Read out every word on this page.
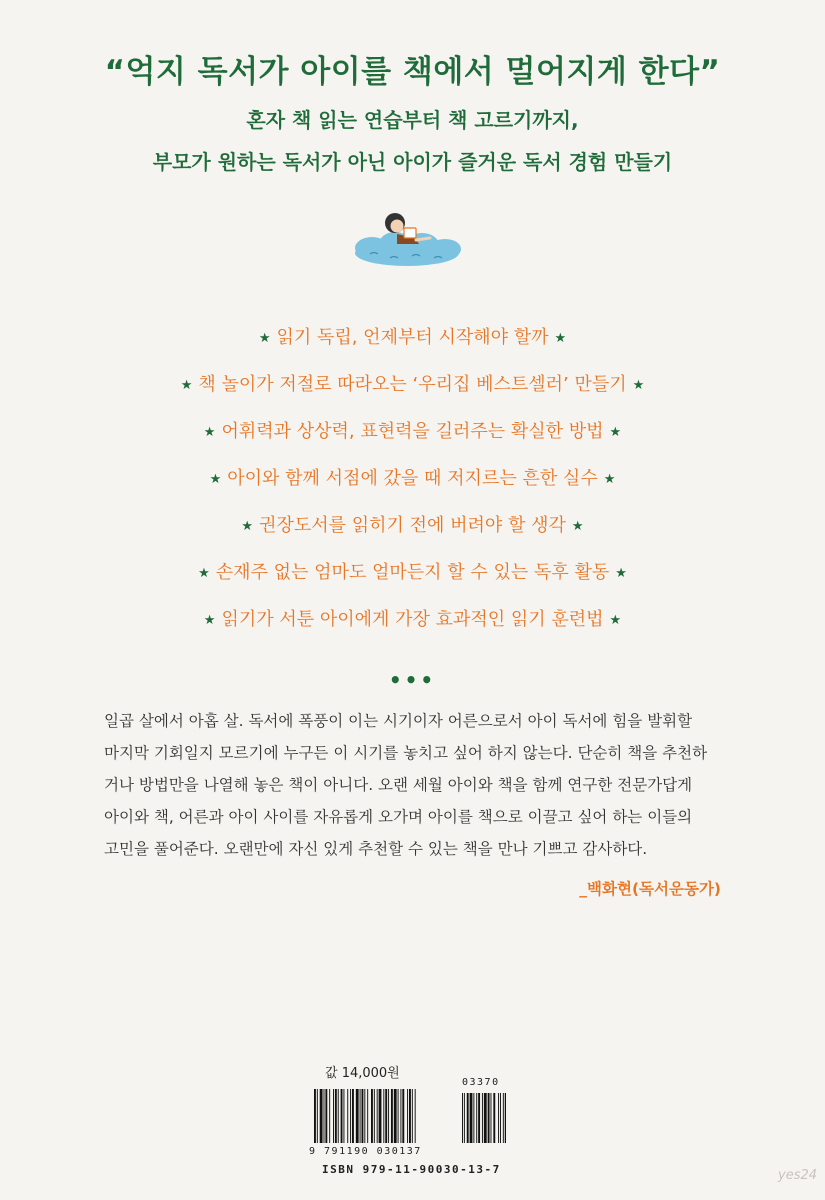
“억지 독서가 아이를 책에서 멀어지게 한다”
혼자 책 읽는 연습부터 책 고르기까지,
부모가 원하는 독서가 아닌 아이가 즐거운 독서 경험 만들기
★ 읽기 독립, 언제부터 시작해야 할까 ★
★ 책 놀이가 저절로 따라오는 ‘우리집 베스트셀러’ 만들기 ★
★ 어휘력과 상상력, 표현력을 길러주는 확실한 방법 ★
★ 아이와 함께 서점에 갔을 때 저지르는 흔한 실수 ★
★ 권장도서를 읽히기 전에 버려야 할 생각 ★
★ 손재주 없는 엄마도 얼마든지 할 수 있는 독후 활동 ★
★ 읽기가 서툰 아이에게 가장 효과적인 읽기 훈련법 ★
•••
일곱 살에서 아홉 살. 독서에 폭풍이 이는 시기이자 어른으로서 아이 독서에 힘을 발휘할
마지막 기회일지 모르기에 누구든 이 시기를 놓치고 싶어 하지 않는다. 단순히 책을 추천하
거나 방법만을 나열해 놓은 책이 아니다. 오랜 세월 아이와 책을 함께 연구한 전문가답게
아이와 책, 어른과 아이 사이를 자유롭게 오가며 아이를 책으로 이끌고 싶어 하는 이들의
고민을 풀어준다. 오랜만에 자신 있게 추천할 수 있는 책을 만나 기쁘고 감사하다.
_백화현(독서운동가)
값 14,000원
03370
9 791190 030137
ISBN 979-11-90030-13-7	yes24
